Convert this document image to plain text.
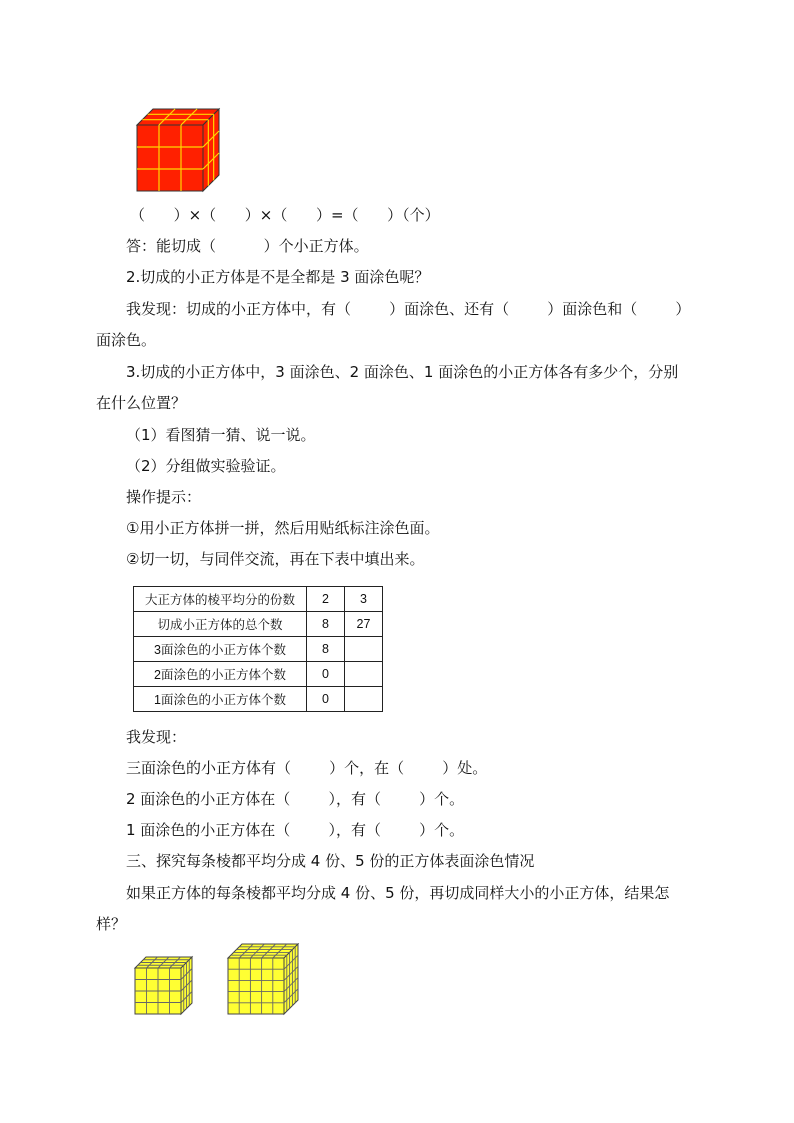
（      ）×（      ）×（      ）=（      ）（个）
答：能切成（          ）个小正方体。
2.切成的小正方体是不是全都是 3 面涂色呢？
我发现：切成的小正方体中，有（        ）面涂色、还有（        ）面涂色和（        ）
面涂色。
3.切成的小正方体中，3 面涂色、2 面涂色、1 面涂色的小正方体各有多少个，分别
在什么位置？
（1）看图猜一猜、说一说。
（2）分组做实验验证。
操作提示：
①用小正方体拼一拼，然后用贴纸标注涂色面。
②切一切，与同伴交流，再在下表中填出来。
大正方体的棱平均分的份数	2	3
切成小正方体的总个数	8	27
3面涂色的小正方体个数	8	
2面涂色的小正方体个数	0	
1面涂色的小正方体个数	0	
我发现：
三面涂色的小正方体有（        ）个，在（        ）处。
2 面涂色的小正方体在（        ），有（        ）个。
1 面涂色的小正方体在（        ），有（        ）个。
三、探究每条棱都平均分成 4 份、5 份的正方体表面涂色情况
如果正方体的每条棱都平均分成 4 份、5 份，再切成同样大小的小正方体，结果怎
样？
